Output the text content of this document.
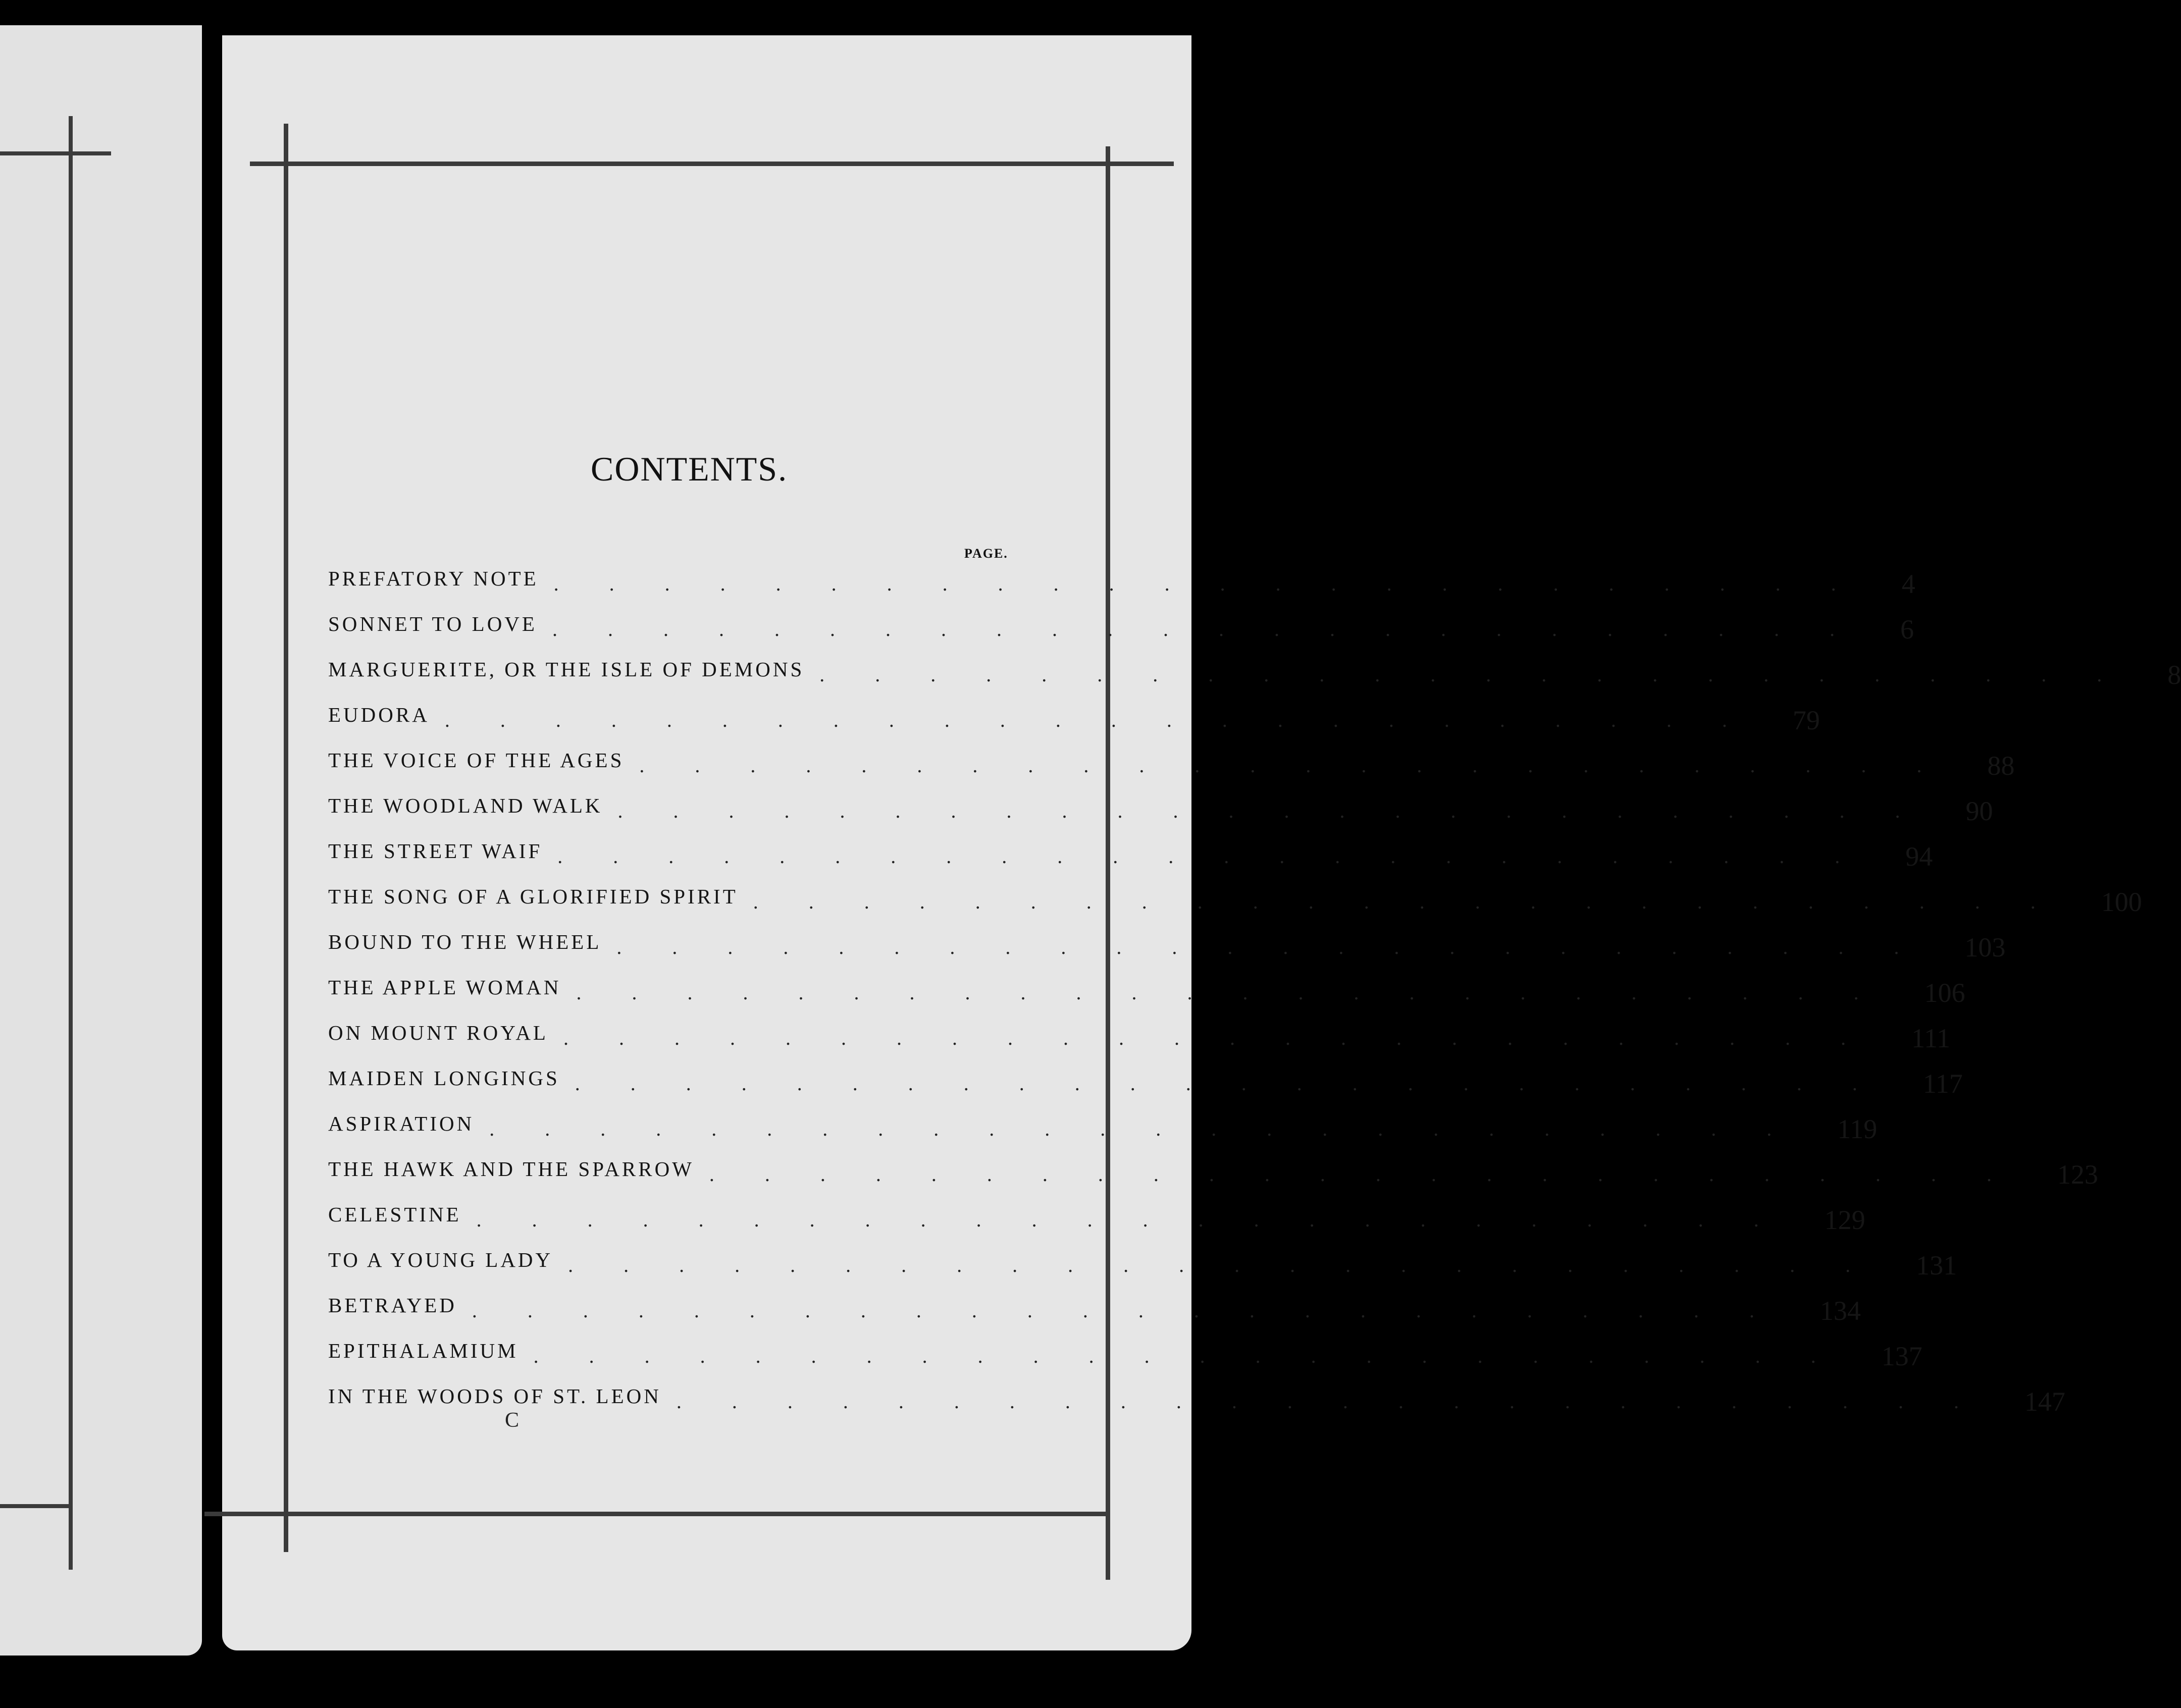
CONTENTS.
PAGE.
PREFATORY NOTE ........................ 4
SONNET TO LOVE ........................ 6
MARGUERITE, OR THE ISLE OF DEMONS ........................ 8
EUDORA ........................ 79
THE VOICE OF THE AGES ........................ 88
THE WOODLAND WALK ........................ 90
THE STREET WAIF ........................ 94
THE SONG OF A GLORIFIED SPIRIT ........................ 100
BOUND TO THE WHEEL ........................ 103
THE APPLE WOMAN ........................ 106
ON MOUNT ROYAL ........................ 111
MAIDEN LONGINGS ........................ 117
ASPIRATION ........................ 119
THE HAWK AND THE SPARROW ........................ 123
CELESTINE ........................ 129
TO A YOUNG LADY ........................ 131
BETRAYED ........................ 134
EPITHALAMIUM ........................ 137
IN THE WOODS OF ST. LEON ........................ 147
C
